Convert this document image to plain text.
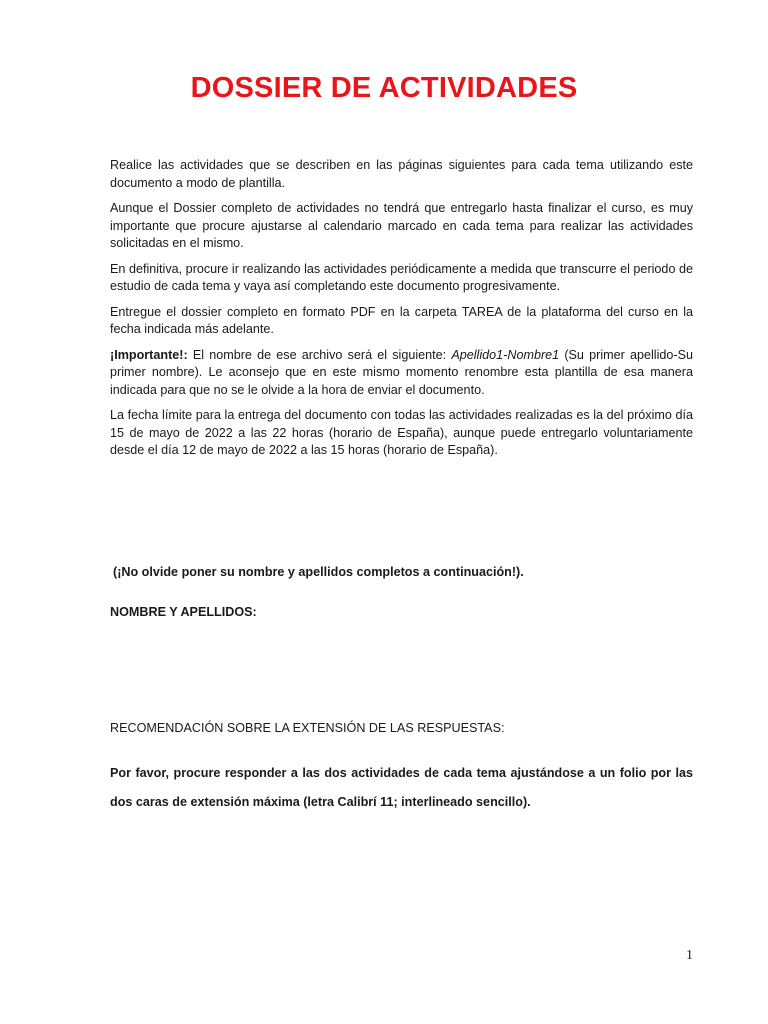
DOSSIER DE ACTIVIDADES

Realice las actividades que se describen en las páginas siguientes para cada tema utilizando este documento a modo de plantilla.

Aunque el Dossier completo de actividades no tendrá que entregarlo hasta finalizar el curso, es muy importante que procure ajustarse al calendario marcado en cada tema para realizar las actividades solicitadas en el mismo.

En definitiva, procure ir realizando las actividades periódicamente a medida que transcurre el periodo de estudio de cada tema y vaya así completando este documento progresivamente.

Entregue el dossier completo en formato PDF en la carpeta TAREA de la plataforma del curso en la fecha indicada más adelante.

¡Importante!: El nombre de ese archivo será el siguiente: Apellido1-Nombre1 (Su primer apellido-Su primer nombre). Le aconsejo que en este mismo momento renombre esta plantilla de esa manera indicada para que no se le olvide a la hora de enviar el documento.

La fecha límite para la entrega del documento con todas las actividades realizadas es la del próximo día 15 de mayo de 2022 a las 22 horas (horario de España), aunque puede entregarlo voluntariamente desde el día 12 de mayo de 2022 a las 15 horas (horario de España).

(¡No olvide poner su nombre y apellidos completos a continuación!).

NOMBRE Y APELLIDOS:

RECOMENDACIÓN SOBRE LA EXTENSIÓN DE LAS RESPUESTAS:

Por favor, procure responder a las dos actividades de cada tema ajustándose a un folio por las dos caras de extensión máxima (letra Calibrí 11; interlineado sencillo).

1
